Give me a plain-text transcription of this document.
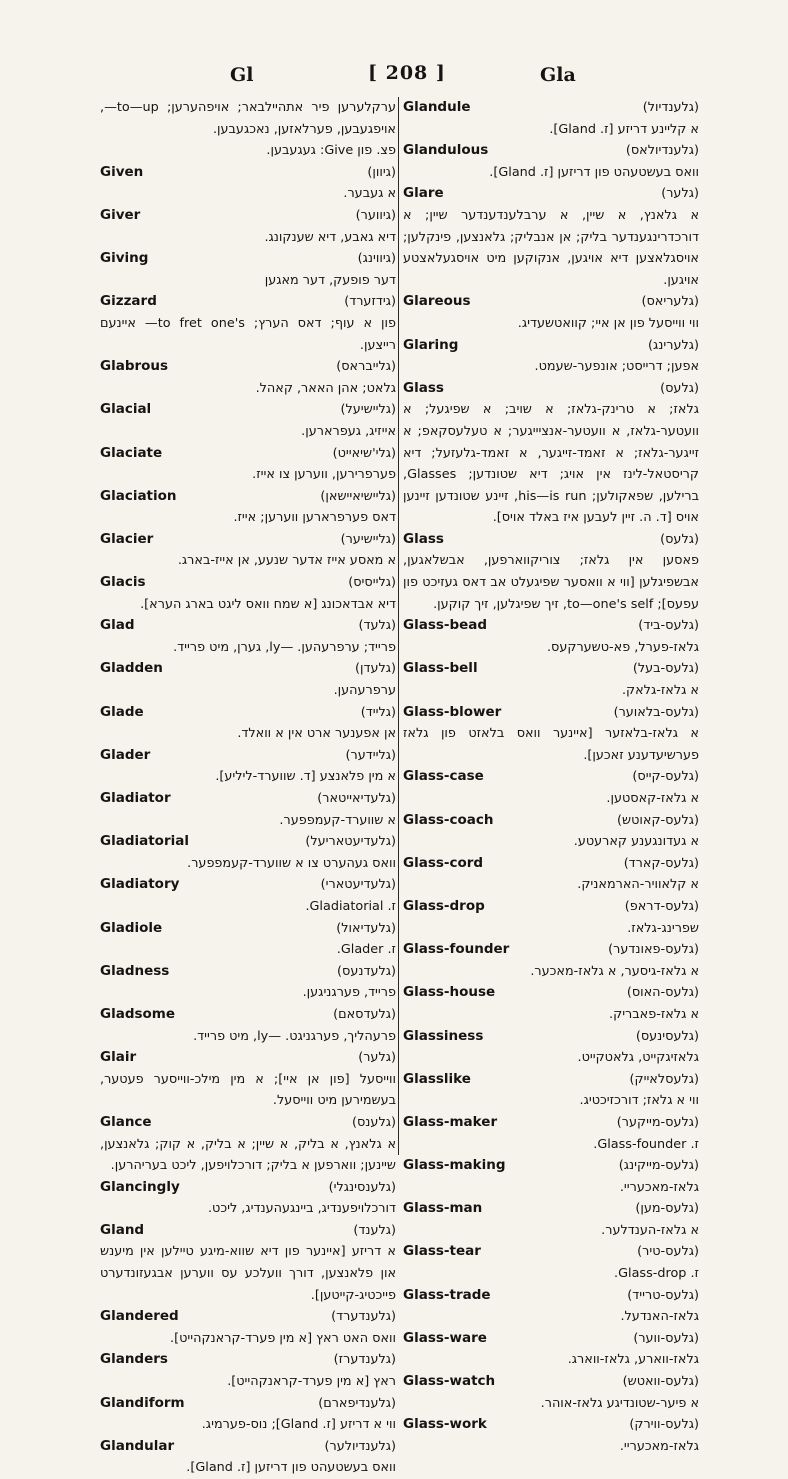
Gl	[ 208 ]	Gla
ערקלערען פיר אתהיילבאר; אויפהערען; to—up—, אויפגעבען, פערלאזען, נאכגעבען.
פצ. פון Give: געגעבען.
Given	(גיוון)
א געבער.
Giver	(גיווער)
דיא גאבע, דיא שענקונג.
Giving	(גיווינג)
דער פופעק, דער מאגען
Gizzard	(גידזערד)
פון א עוף; דאס הערץ; to fret one's— איינעם רייצען.
Glabrous	(גלייבראס)
גלאט; אהן האאר, קאהל.
Glacial	(גליישיעל)
אייזיג, געפרארען.
Glaciate	(גלי'שיאייט)
פערפרירען, ווערען צו אייז.
Glaciation	(גליישיאיישאן)
דאס פערפרארען ווערען; אייז.
Glacier	(גליישיער)
א מאסע אייז אדער שנעע, אן אייז-בארג.
Glacis	(גלייסיס)
דיא אבדאכונג [א שמח וואס ליגט בארג הערא].
Glad	(גלעד)
פרייד; ערפרעהען. —ly, גערן, מיט פרייד.
Gladden	(גלעדן)
ערפרעהען.
Glade	(גלייד)
אן אפענער ארט אין א וואלד.
Glader	(גליידער)
א מין פלאנצע [ד. שווערד-ליליע].
Gladiator	(גלעדיאייטאר)
א שווערד-קעמפפער.
Gladiatorial	(גלעדיעטאריעל)
וואס געהערט צו א שווערד-קעמפפער.
Gladiatory	(גלעדיעטארי)
ז. Gladiatorial.
Gladiole	(גלעדיאול)
ז. Glader.
Gladness	(גלעדנעס)
פרייד, פערגניגען.
Gladsome	(גלעדסאם)
פרעהליך, פערגניגט. —ly, מיט פרייד.
Glair	(גלער)
ווייסעל [פון אן איי]; א מין מילכ-ווייסער פעטער, בעשמירען מיט ווייסעל.
Glance	(גלענס)
א גלאנץ, א בליק, א שיין; א בליק, א קוק; גלאנצען, שיינען; ווארפען א בליק; דורכלויפען, ליכט בעריהרען.
Glancingly	(גלענסינגלי)
דורכלויפענדיג, ביינגעהענדיג, ליכט.
Gland	(גלענד)
א דריזע [איינער פון דיא שווא-מיגע טיילען אין מיענש און פלאנצען, דורך וועלכע עס ווערען אבגעזונדערט פייכטיג-קייטען].
Glandered	(גלענדערד)
וואס האט ראץ [א מין פערד-קראנקהייט].
Glanders	(גלענדערז)
ראץ [א מין פערד-קראנקהייט].
Glandiform	(גלענדיפארם)
ווי א דריזע [ז. Gland]; נוס-פערמיג.
Glandular	(גלענדיולער)
וואס בעשטעהט פון דריזען [ז. Gland].
Glandule	(גלענדיול)
א קליינע דריזע [ז. Gland].
Glandulous	(גלענדיולאס)
וואס בעשטעהט פון דריזען [ז. Gland].
Glare	(גלער)
א גלאנץ, א שיין, א ערבלענדענדער שיין; א דורכדרינגענדער בליק; אן אנבליק; גלאנצען, פינקלען; אויסגלאצען דיא אויגען, אנקוקען מיט אויסגעלאצטע אויגען.
Glareous	(גלעריאס)
ווי ווייסעל פון אן איי; קוואטשעדיג.
Glaring	(גלערינג)
אפען; דרייסט; אונפער-שעמט.
Glass	(גלעס)
גלאז; א טרינק-גלאז; א שויב; א שפיגעל; א וועטער-גלאז, א וועטער-אנציייגער; א טעלעסקאפ; א זייגער-גלאז; א זאמד-זייגער, א זאמד-גלעזעל; דיא קריסטאל-לינז אין אויג; דיא שטונדען; Glasses, ברילען, שפאקולען; his—is run, זיינע שטונדען זיינען אויס [ד. ה. זיין לעבען איז באלד אויס].
Glass	(גלעס)
פאסען אין גלאז; צוריקווארפען, אבשלאגען, אבשפיגלען [ווי א וואסער שפיגעלט אב דאס געזיכט פון עפעס]; to—one's self, זיך שפיגלען, זיך קוקען.
Glass-bead	(גלעס-ביד)
גלאז-פערל, פא-טשערקעס.
Glass-bell	(גלעס-בעל)
א גלאז-גלאק.
Glass-blower	(גלעס-בלאוער)
א גלאז-בלאזער [איינער וואס בלאזט פון גלאז פערשיעדענע זאכען].
Glass-case	(גלעס-קייס)
א גלאז-קאסטען.
Glass-coach	(גלעס-קאוטש)
א געדונגענע קארעטע.
Glass-cord	(גלעס-קארד)
א קלאוויר-הארמאניק.
Glass-drop	(גלעס-דראפ)
שפרינג-גלאז.
Glass-founder	(גלעס-פאונדער)
א גלאז-גיסער, א גלאז-מאכער.
Glass-house	(גלעס-האוס)
א גלאז-פאבריק.
Glassiness	(גלעסינעס)
גלאזיגקייט, גלאטקייט.
Glasslike	(גלעסלאייק)
ווי א גלאז; דורכזיכטיג.
Glass-maker	(גלעס-מייקער)
ז. Glass-founder.
Glass-making	(גלעס-מייקינג)
גלאז-מאכעריי.
Glass-man	(גלעס-מען)
א גלאז-הענדלער.
Glass-tear	(גלעס-טיר)
ז. Glass-drop.
Glass-trade	(גלעס-טרייד)
גלאז-האנדעל.
Glass-ware	(גלעס-ווער)
גלאז-ווארע, גלאז-ווארג.
Glass-watch	(גלעס-וואטש)
א פיער-שטונדיגע גלאז-אוהר.
Glass-work	(גלעס-ווירק)
גלאז-מאכעריי.
